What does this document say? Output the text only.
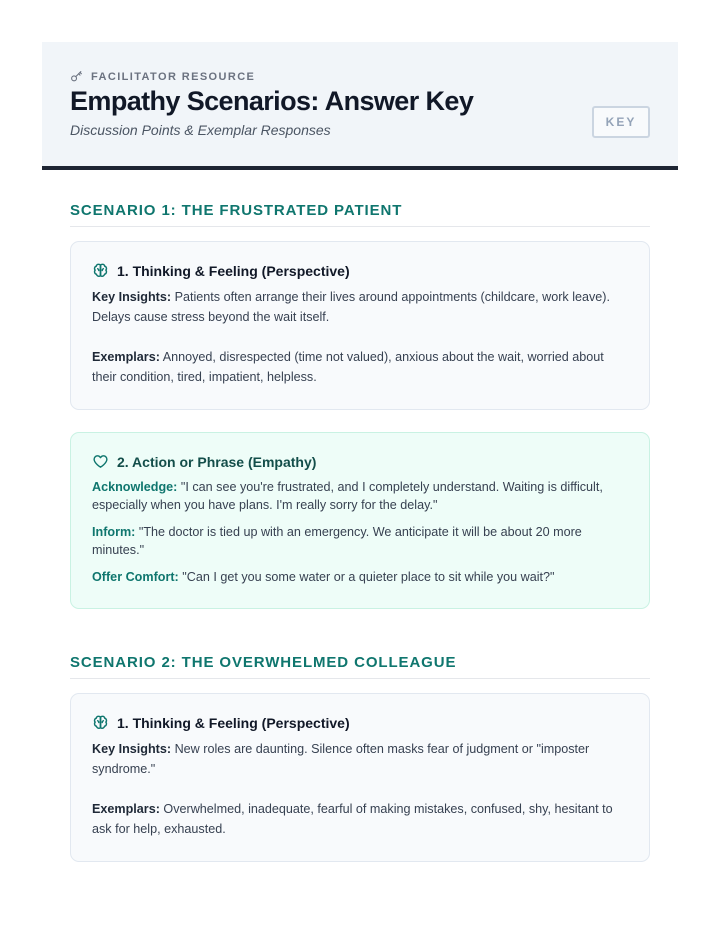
FACILITATOR RESOURCE
Empathy Scenarios: Answer Key

Discussion Points & Exemplar Responses	KEY
SCENARIO 1: THE FRUSTRATED PATIENT
1. Thinking & Feeling (Perspective)

Key Insights: Patients often arrange their lives around appointments (childcare, work leave). Delays cause stress beyond the wait itself.

Exemplars: Annoyed, disrespected (time not valued), anxious about the wait, worried about their condition, tired, impatient, helpless.

2. Action or Phrase (Empathy)

Acknowledge: "I can see you're frustrated, and I completely understand. Waiting is difficult, especially when you have plans. I'm really sorry for the delay."

Inform: "The doctor is tied up with an emergency. We anticipate it will be about 20 more minutes."

Offer Comfort: "Can I get you some water or a quieter place to sit while you wait?"

SCENARIO 2: THE OVERWHELMED COLLEAGUE
1. Thinking & Feeling (Perspective)

Key Insights: New roles are daunting. Silence often masks fear of judgment or "imposter syndrome."

Exemplars: Overwhelmed, inadequate, fearful of making mistakes, confused, shy, hesitant to ask for help, exhausted.
